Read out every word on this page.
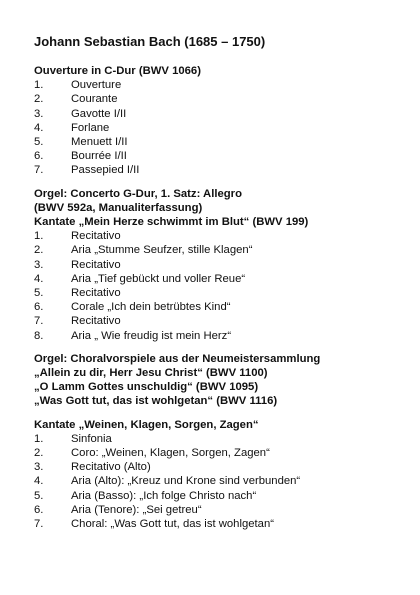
Johann Sebastian Bach (1685 – 1750)
Ouverture in C-Dur (BWV 1066)
1.	Ouverture
2.	Courante
3.	Gavotte I/II
4.	Forlane
5.	Menuett I/II
6.	Bourrée I/II
7.	Passepied I/II
Orgel: Concerto G-Dur, 1. Satz: Allegro
(BWV 592a, Manualiterfassung)
Kantate „Mein Herze schwimmt im Blut“ (BWV 199)
1.	Recitativo
2.	Aria „Stumme Seufzer, stille Klagen“
3.	Recitativo
4.	Aria „Tief gebückt und voller Reue“
5.	Recitativo
6.	Corale „Ich dein betrübtes Kind“
7.	Recitativo
8.	Aria „ Wie freudig ist mein Herz“
Orgel: Choralvorspiele aus der Neumeistersammlung
„Allein zu dir, Herr Jesu Christ“ (BWV 1100)
„O Lamm Gottes unschuldig“ (BWV 1095)
„Was Gott tut, das ist wohlgetan“ (BWV 1116)
Kantate „Weinen, Klagen, Sorgen, Zagen“
1.	Sinfonia
2.	Coro: „Weinen, Klagen, Sorgen, Zagen“
3.	Recitativo (Alto)
4.	Aria (Alto): „Kreuz und Krone sind verbunden“
5.	Aria (Basso): „Ich folge Christo nach“
6.	Aria (Tenore): „Sei getreu“
7.	Choral: „Was Gott tut, das ist wohlgetan“
